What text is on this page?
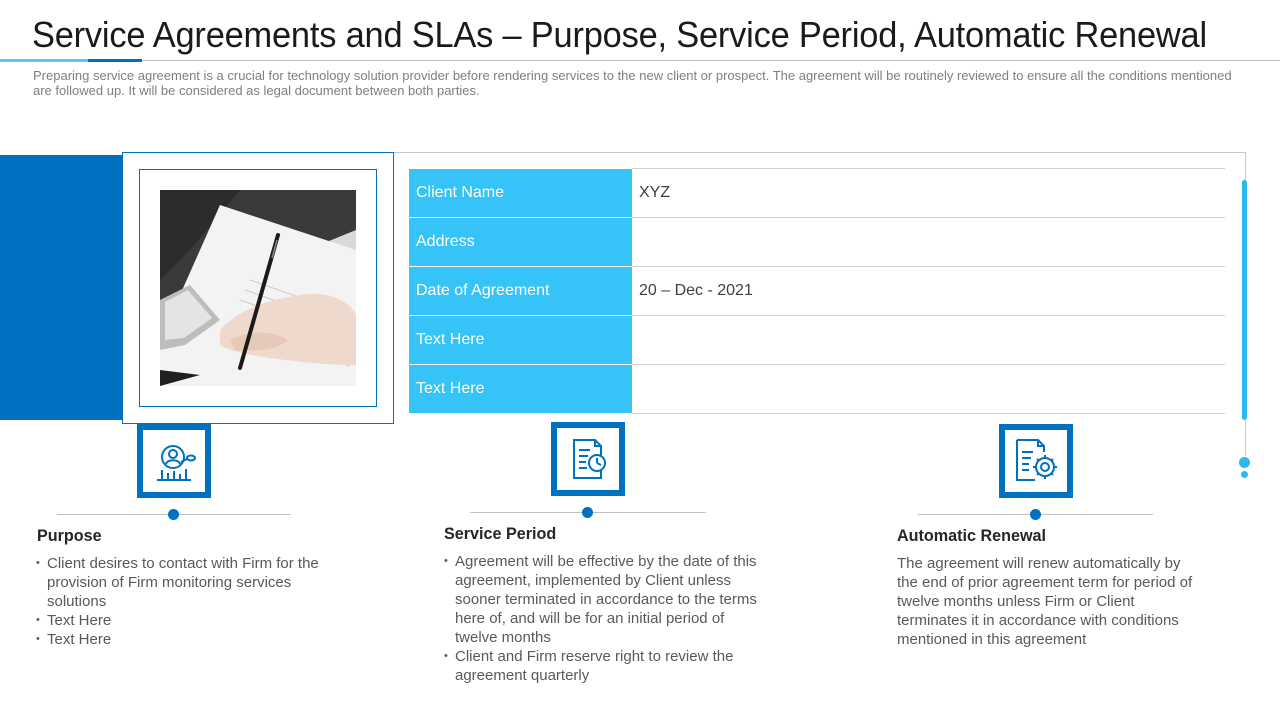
Service Agreements and SLAs – Purpose, Service Period, Automatic Renewal
Preparing service agreement is a crucial for technology solution provider before rendering services to the new client or prospect. The agreement will be routinely reviewed to ensure all the conditions mentioned are followed up. It will be considered as legal document between both parties.
Client Name	XYZ
Address	
Date of Agreement	20 – Dec - 2021
Text Here	
Text Here	
Purpose
• Client desires to contact with Firm for the provision of Firm monitoring services solutions
• Text Here
• Text Here
Service Period
• Agreement will be effective by the date of this agreement, implemented by Client unless sooner terminated in accordance to the terms here of, and will be for an initial period of twelve months
• Client and Firm reserve right to review the agreement quarterly
Automatic Renewal
The agreement will renew automatically by the end of prior agreement term for period of twelve months unless Firm or Client terminates it in accordance with conditions mentioned in this agreement
